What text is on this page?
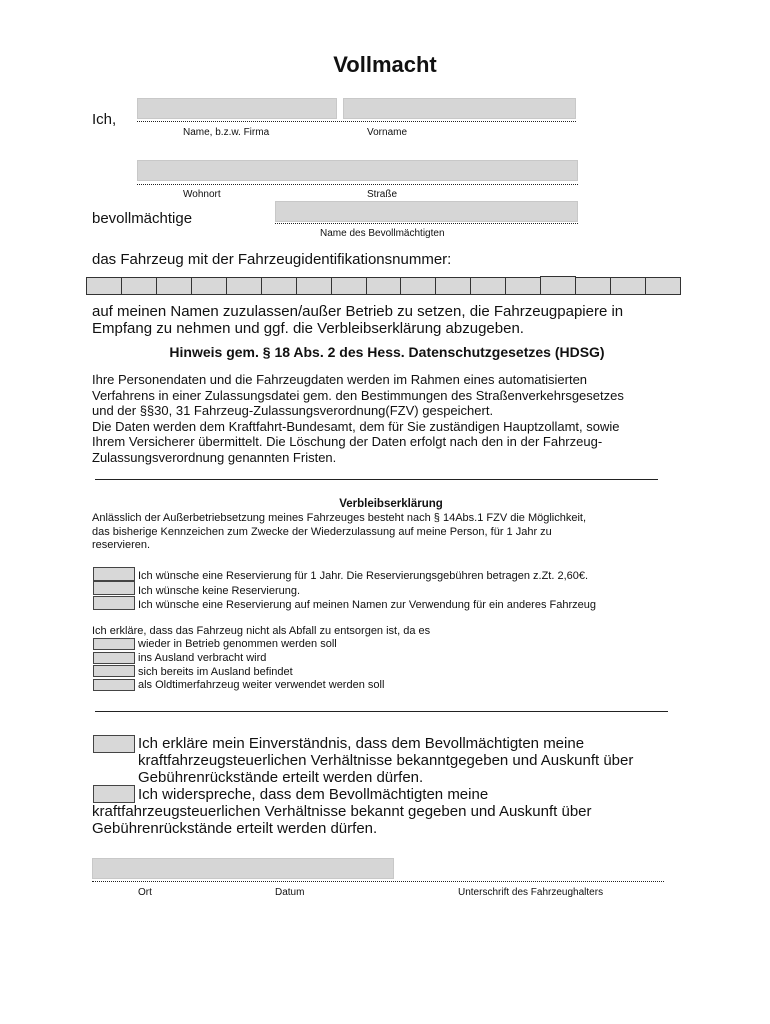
Vollmacht
Ich,
Name, b.z.w. Firma	Vorname
Wohnort	Straße
bevollmächtige
Name des Bevollmächtigten
das Fahrzeug mit der Fahrzeugidentifikationsnummer:
auf meinen Namen zuzulassen/außer Betrieb zu setzen, die Fahrzeugpapiere in
Empfang zu nehmen und ggf. die Verbleibserklärung abzugeben.
Hinweis gem. § 18 Abs. 2 des Hess. Datenschutzgesetzes (HDSG)
Ihre Personendaten und die Fahrzeugdaten werden im Rahmen eines automatisierten
Verfahrens in einer Zulassungsdatei gem. den Bestimmungen des Straßenverkehrsgesetzes
und der §§30, 31 Fahrzeug-Zulassungsverordnung(FZV) gespeichert.
Die Daten werden dem Kraftfahrt-Bundesamt, dem für Sie zuständigen Hauptzollamt, sowie
Ihrem Versicherer übermittelt. Die Löschung der Daten erfolgt nach den in der Fahrzeug-
Zulassungsverordnung genannten Fristen.
Verbleibserklärung
Anlässlich der Außerbetriebsetzung meines Fahrzeuges besteht nach § 14Abs.1 FZV die Möglichkeit,
das bisherige Kennzeichen zum Zwecke der Wiederzulassung auf meine Person, für 1 Jahr zu
reservieren.
Ich wünsche eine Reservierung für 1 Jahr. Die Reservierungsgebühren betragen z.Zt. 2,60€.
Ich wünsche keine Reservierung.
Ich wünsche eine Reservierung auf meinen Namen zur Verwendung für ein anderes Fahrzeug
Ich erkläre, dass das Fahrzeug nicht als Abfall zu entsorgen ist, da es
wieder in Betrieb genommen werden soll
ins Ausland verbracht wird
sich bereits im Ausland befindet
als Oldtimerfahrzeug weiter verwendet werden soll
Ich erkläre mein Einverständnis, dass dem Bevollmächtigten meine
kraftfahrzeugsteuerlichen Verhältnisse bekanntgegeben und Auskunft über
Gebührenrückstände erteilt werden dürfen.
Ich widerspreche, dass dem Bevollmächtigten meine
kraftfahrzeugsteuerlichen Verhältnisse bekannt gegeben und Auskunft über
Gebührenrückstände erteilt werden dürfen.
Ort	Datum	Unterschrift des Fahrzeughalters
